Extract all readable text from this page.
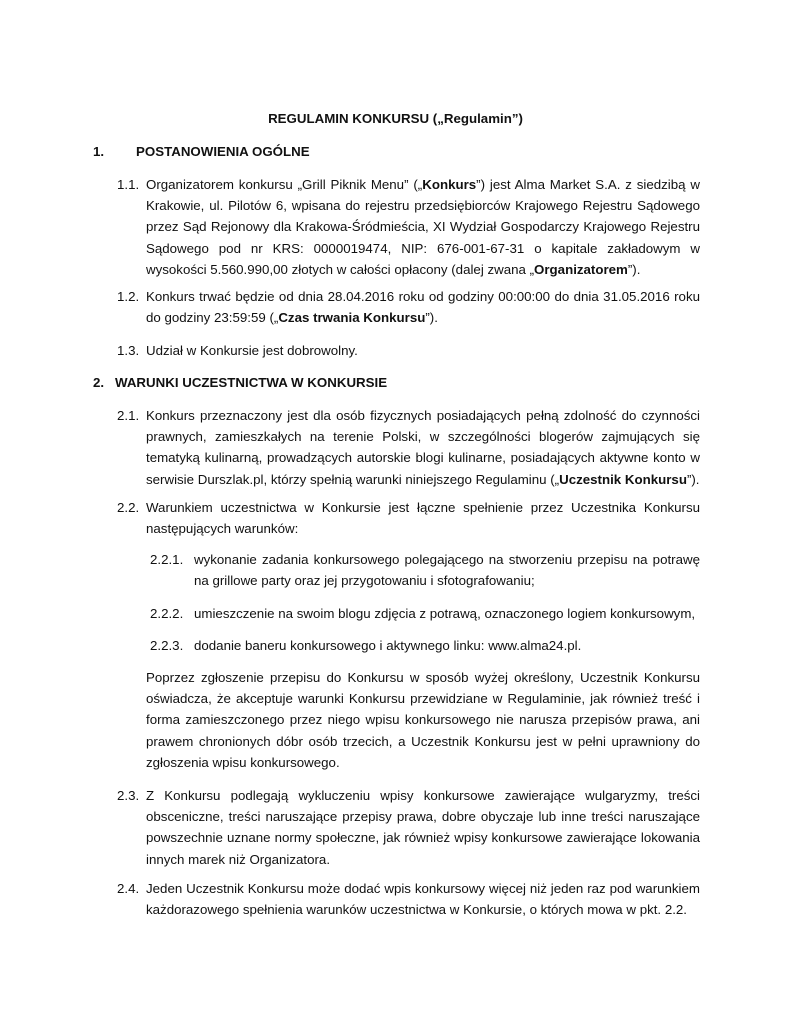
REGULAMIN KONKURSU („Regulamin”)
1. POSTANOWIENIA OGÓLNE
1.1. Organizatorem konkursu „Grill Piknik Menu” („Konkurs”) jest Alma Market S.A. z siedzibą w Krakowie, ul. Pilotów 6, wpisana do rejestru przedsiębiorców Krajowego Rejestru Sądowego przez Sąd Rejonowy dla Krakowa-Śródmieścia, XI Wydział Gospodarczy Krajowego Rejestru Sądowego pod nr KRS: 0000019474, NIP: 676-001-67-31 o kapitale zakładowym w wysokości 5.560.990,00 złotych w całości opłacony (dalej zwana „Organizatorem”).
1.2. Konkurs trwać będzie od dnia 28.04.2016 roku od godziny 00:00:00 do dnia 31.05.2016 roku do godziny 23:59:59 („Czas trwania Konkursu”).
1.3. Udział w Konkursie jest dobrowolny.
2. WARUNKI UCZESTNICTWA W KONKURSIE
2.1. Konkurs przeznaczony jest dla osób fizycznych posiadających pełną zdolność do czynności prawnych, zamieszkałych na terenie Polski, w szczególności blogerów zajmujących się tematyką kulinarną, prowadzących autorskie blogi kulinarne, posiadających aktywne konto w serwisie Durszlak.pl, którzy spełnią warunki niniejszego Regulaminu („Uczestnik Konkursu”).
2.2. Warunkiem uczestnictwa w Konkursie jest łączne spełnienie przez Uczestnika Konkursu następujących warunków:
2.2.1. wykonanie zadania konkursowego polegającego na stworzeniu przepisu na potrawę na grillowe party oraz jej przygotowaniu i sfotografowaniu;
2.2.2. umieszczenie na swoim blogu zdjęcia z potrawą, oznaczonego logiem konkursowym,
2.2.3. dodanie baneru konkursowego i aktywnego linku: www.alma24.pl.
Poprzez zgłoszenie przepisu do Konkursu w sposób wyżej określony, Uczestnik Konkursu oświadcza, że akceptuje warunki Konkursu przewidziane w Regulaminie, jak również treść i forma zamieszczonego przez niego wpisu konkursowego nie narusza przepisów prawa, ani prawem chronionych dóbr osób trzecich, a Uczestnik Konkursu jest w pełni uprawniony do zgłoszenia wpisu konkursowego.
2.3. Z Konkursu podlegają wykluczeniu wpisy konkursowe zawierające wulgaryzmy, treści obsceniczne, treści naruszające przepisy prawa, dobre obyczaje lub inne treści naruszające powszechnie uznane normy społeczne, jak również wpisy konkursowe zawierające lokowania innych marek niż Organizatora.
2.4. Jeden Uczestnik Konkursu może dodać wpis konkursowy więcej niż jeden raz pod warunkiem każdorazowego spełnienia warunków uczestnictwa w Konkursie, o których mowa w pkt. 2.2.
